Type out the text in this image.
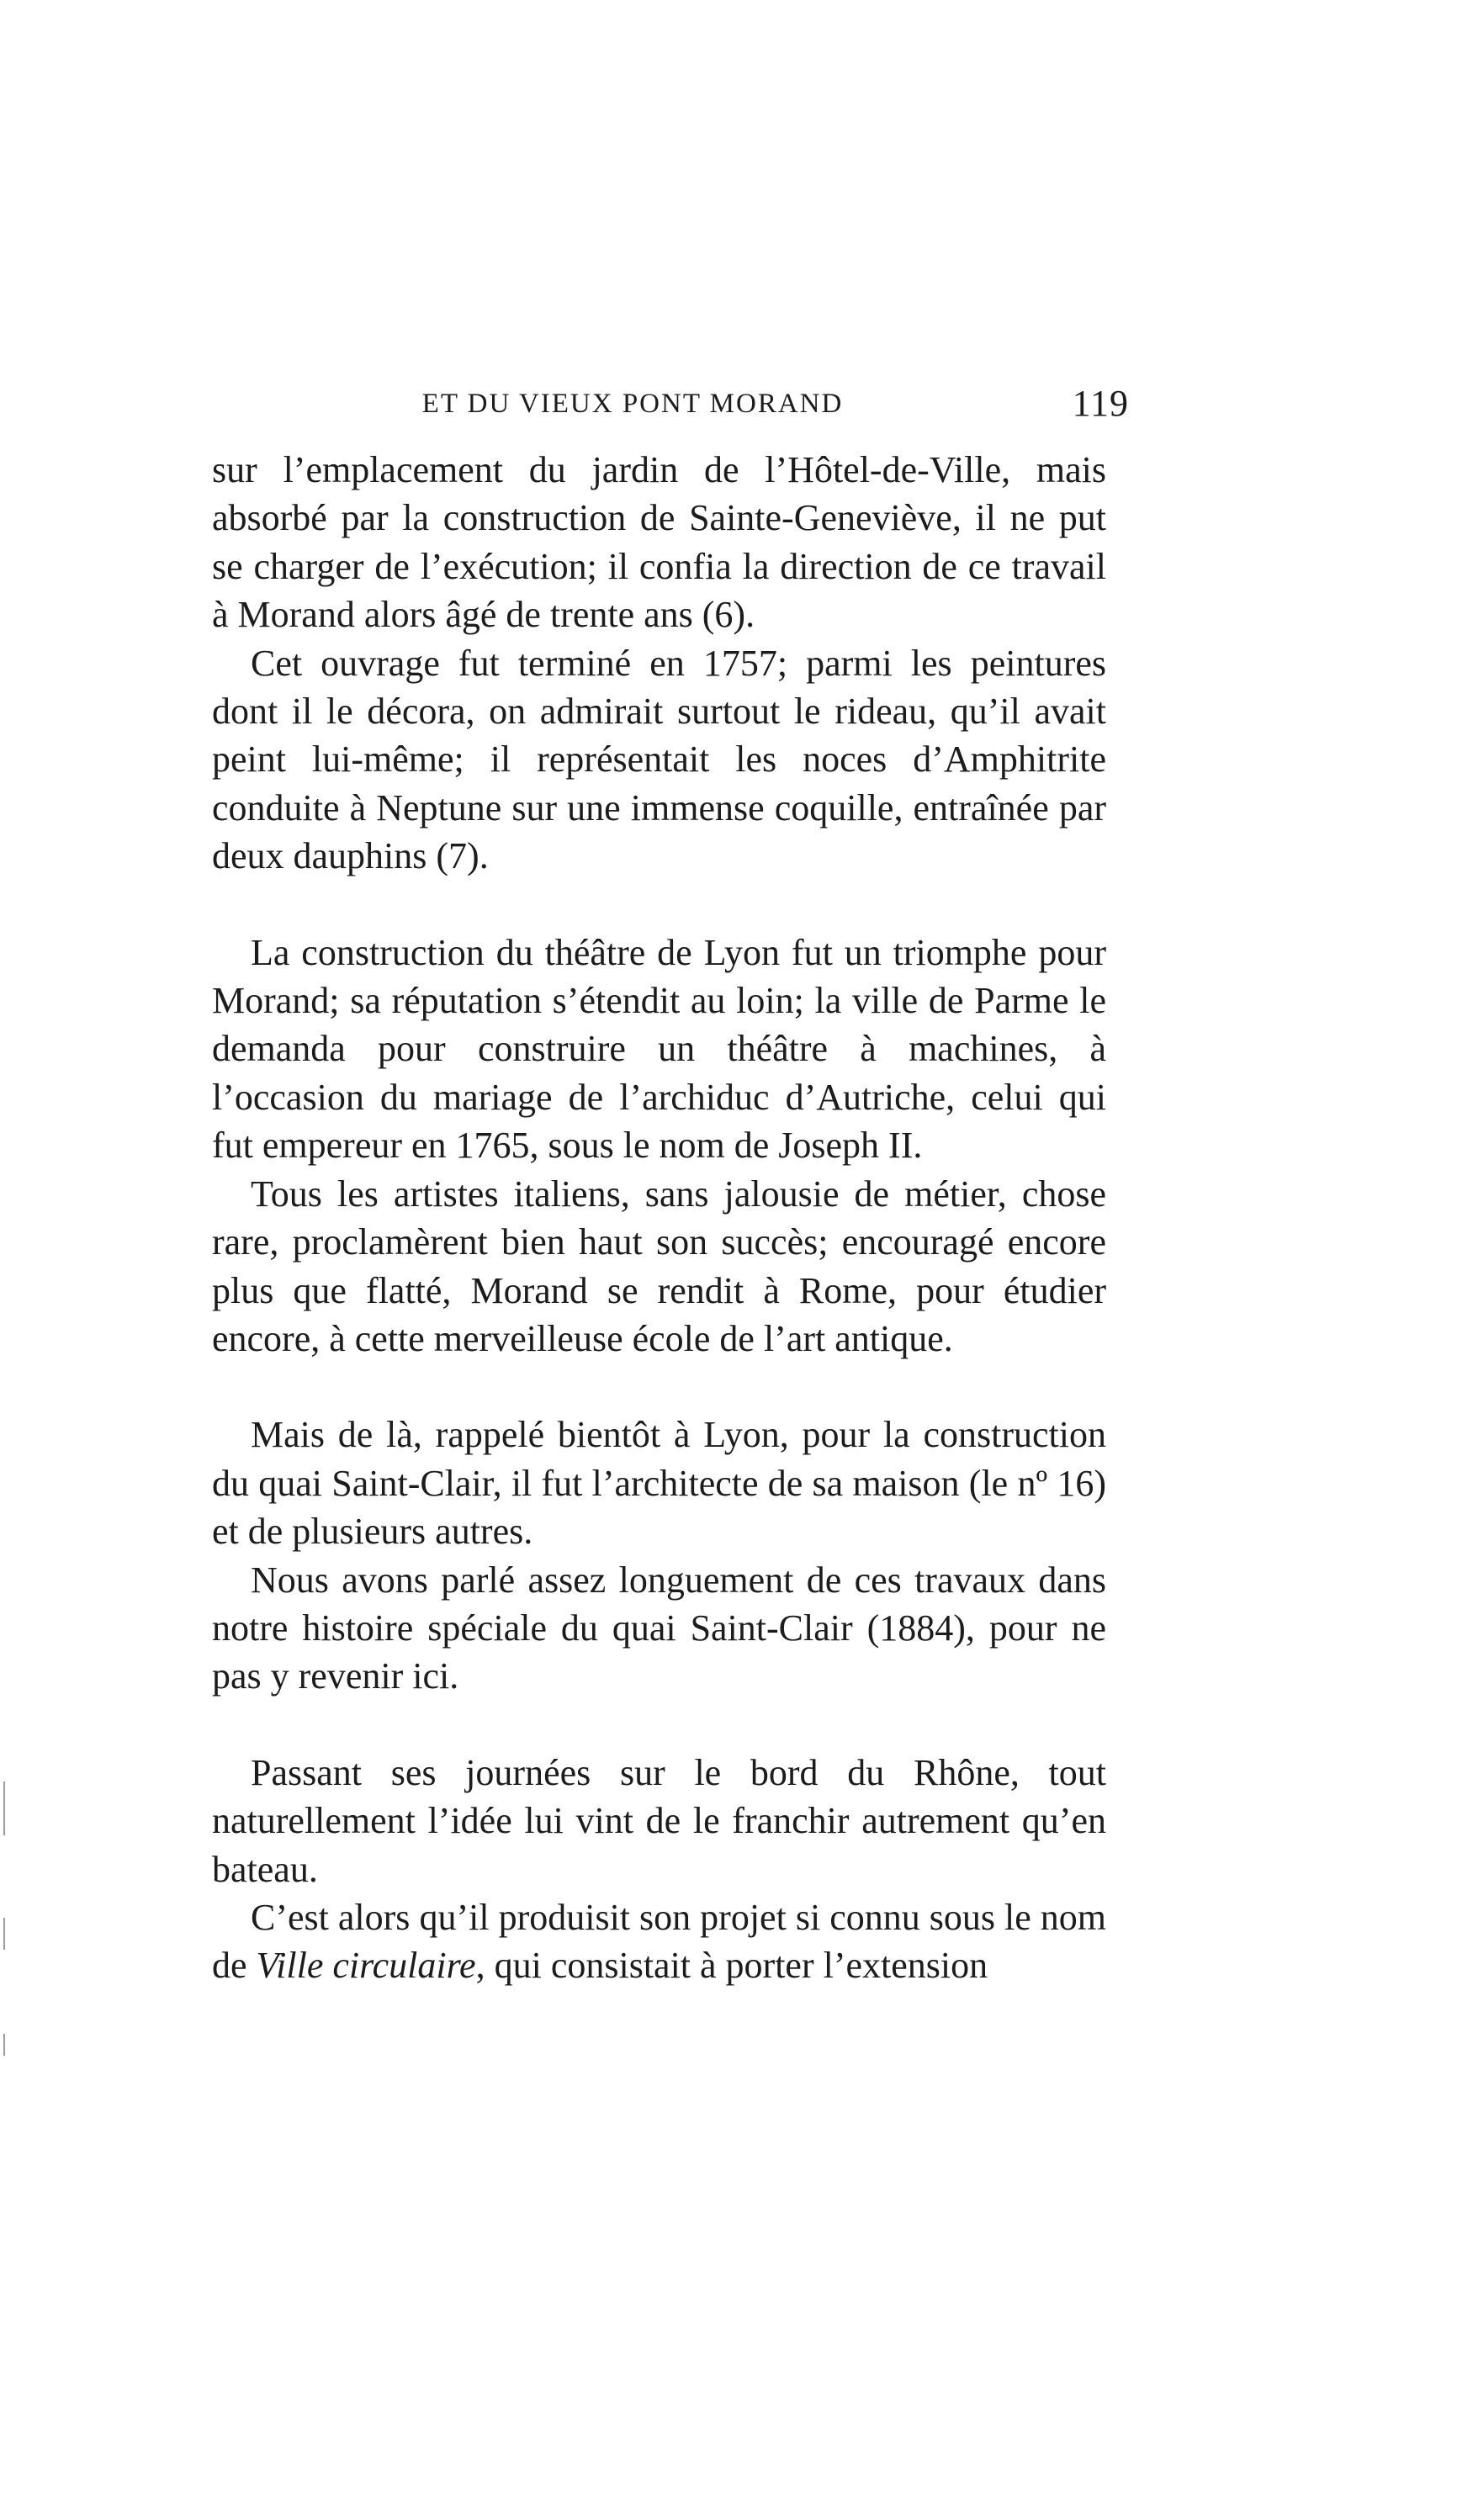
ET DU VIEUX PONT MORAND	119

sur l’emplacement du jardin de l’Hôtel-de-Ville, mais absorbé par la construction de Sainte-Geneviève, il ne put se charger de l’exécution; il confia la direction de ce travail à Morand alors âgé de trente ans (6).

Cet ouvrage fut terminé en 1757; parmi les peintures dont il le décora, on admirait surtout le rideau, qu’il avait peint lui-même; il représentait les noces d’Amphitrite conduite à Neptune sur une immense coquille, entraînée par deux dauphins (7).

La construction du théâtre de Lyon fut un triomphe pour Morand; sa réputation s’étendit au loin; la ville de Parme le demanda pour construire un théâtre à machines, à l’occasion du mariage de l’archiduc d’Autriche, celui qui fut empereur en 1765, sous le nom de Joseph II.

Tous les artistes italiens, sans jalousie de métier, chose rare, proclamèrent bien haut son succès; encouragé encore plus que flatté, Morand se rendit à Rome, pour étudier encore, à cette merveilleuse école de l’art antique.

Mais de là, rappelé bientôt à Lyon, pour la construction du quai Saint-Clair, il fut l’architecte de sa maison (le nº 16) et de plusieurs autres.

Nous avons parlé assez longuement de ces travaux dans notre histoire spéciale du quai Saint-Clair (1884), pour ne pas y revenir ici.

Passant ses journées sur le bord du Rhône, tout naturellement l’idée lui vint de le franchir autrement qu’en bateau.

C’est alors qu’il produisit son projet si connu sous le nom de Ville circulaire, qui consistait à porter l’extension
